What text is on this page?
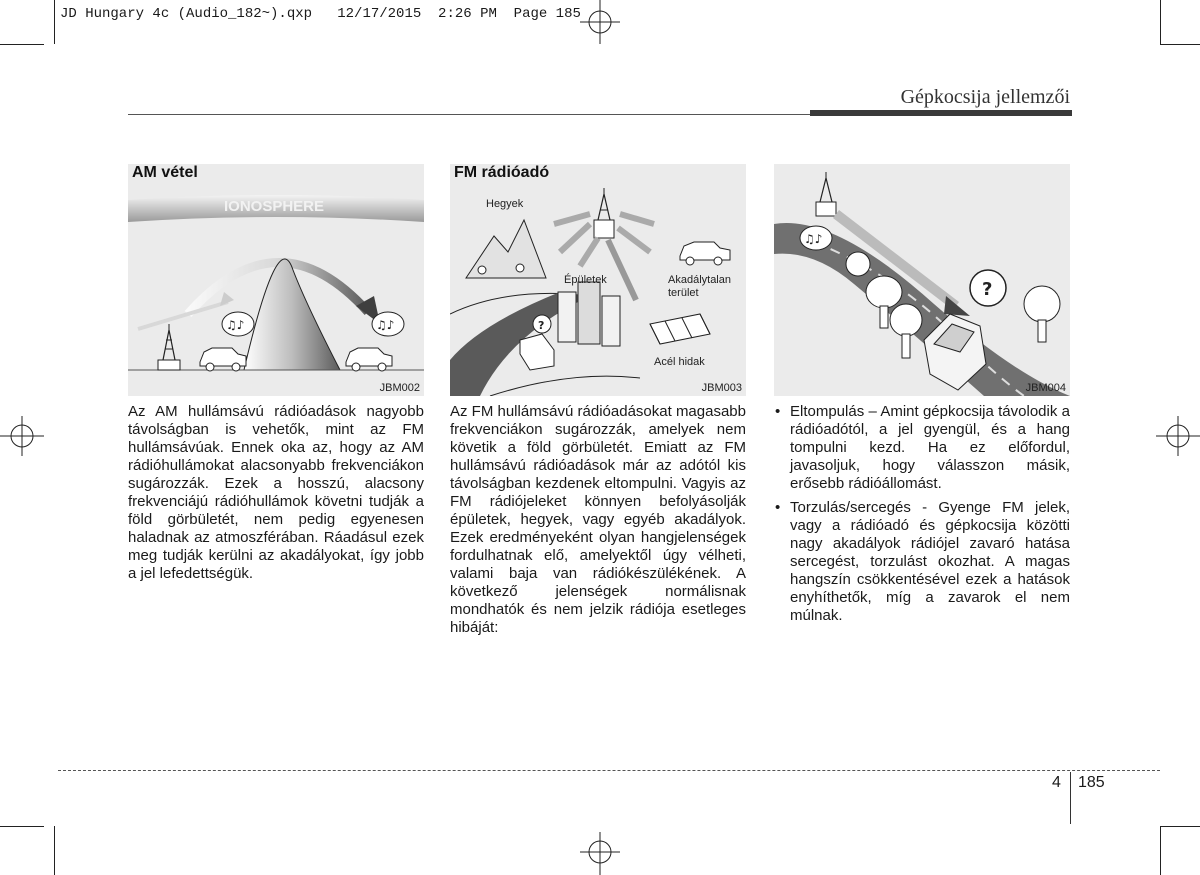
JD Hungary 4c (Audio_182~).qxp   12/17/2015  2:26 PM  Page 185
Gépkocsija jellemzői
♫♪	♫♪
AM vétel
IONOSPHERE
JBM002
?
FM rádióadó
Hegyek
Épületek	Akadálytalan
terület
Acél hidak
JBM003
?
♫♪
JBM004
Az AM hullámsávú rádióadások nagyobb távolságban is vehetők, mint az FM hullámsávúak. Ennek oka az, hogy az AM rádióhullámokat alacsonyabb frekvenciákon sugározzák. Ezek a hosszú, alacsony frekvenciájú rádióhullámok követni tudják a föld görbületét, nem pedig egyenesen haladnak az atmoszférában. Ráadásul ezek meg tudják kerülni az akadályokat, így jobb a jel lefedettségük.
Az FM hullámsávú rádióadásokat magasabb frekvenciákon sugározzák, amelyek nem követik a föld görbületét. Emiatt az FM hullámsávú rádióadások már az adótól kis távolságban kezdenek eltompulni. Vagyis az FM rádiójeleket könnyen befolyásolják épületek, hegyek, vagy egyéb akadályok. Ezek eredményeként olyan hangjelenségek fordulhatnak elő, amelyektől úgy vélheti, valami baja van rádiókészülékének. A következő jelenségek normálisnak mondhatók és nem jelzik rádiója esetleges hibáját:
• Eltompulás – Amint gépkocsija távolodik a rádióadótól, a jel gyengül, és a hang tompulni kezd. Ha ez előfordul, javasoljuk, hogy válasszon másik, erősebb rádióállomást.
• Torzulás/sercegés - Gyenge FM jelek, vagy a rádióadó és gépkocsija közötti nagy akadályok rádiójel zavaró hatása sercegést, torzulást okozhat. A magas hangszín csökkentésével ezek a hatások enyhíthetők, míg a zavarok el nem múlnak.
4 185
